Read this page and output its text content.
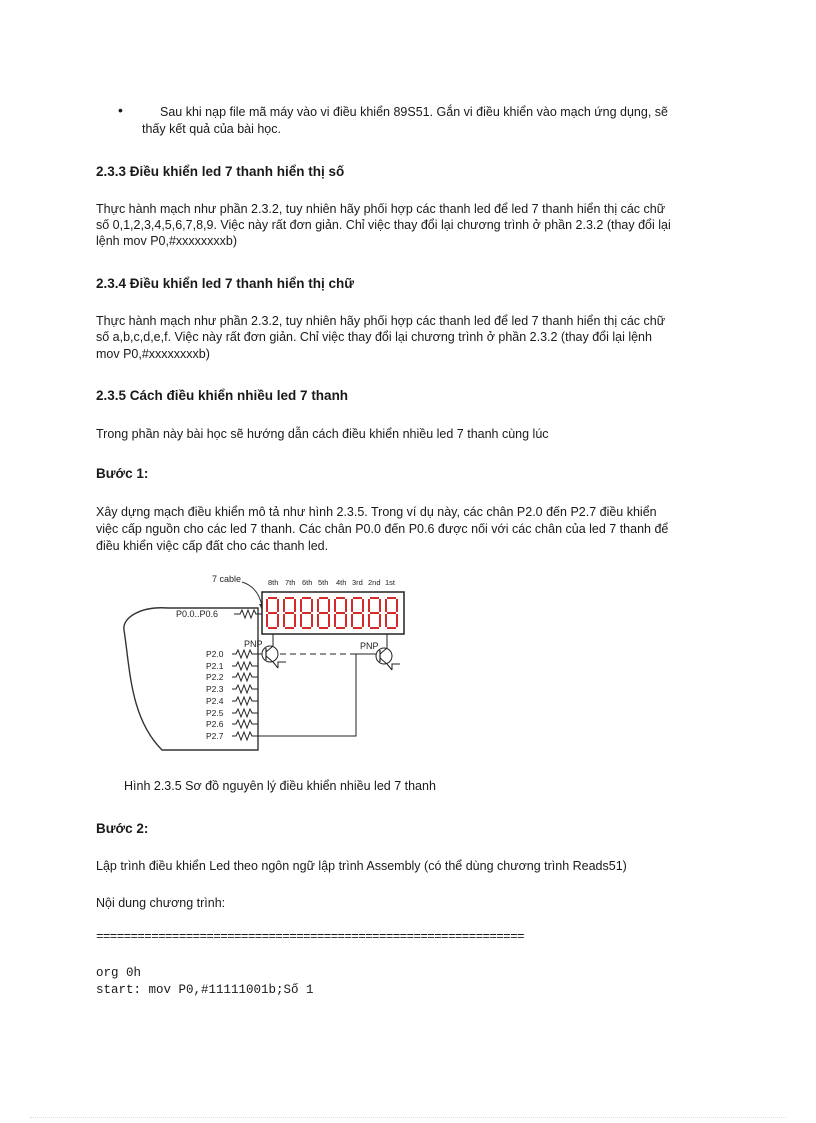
•	Sau khi nạp file mã máy vào vi điều khiển 89S51. Gắn vi điều khiển vào mạch ứng dụng, sẽ
thấy kết quả của bài học.
2.3.3 Điều khiển led 7 thanh hiển thị số
Thực hành mạch như phần 2.3.2, tuy nhiên hãy phối hợp các thanh led để led 7 thanh hiển thị các chữ
số 0,1,2,3,4,5,6,7,8,9. Việc này rất đơn giản. Chỉ việc thay đổi lại chương trình ở phần 2.3.2 (thay đổi lại
lệnh mov P0,#xxxxxxxxb)
2.3.4 Điều khiển led 7 thanh hiển thị chữ
Thực hành mạch như phần 2.3.2, tuy nhiên hãy phối hợp các thanh led để led 7 thanh hiển thị các chữ
số a,b,c,d,e,f. Việc này rất đơn giản. Chỉ việc thay đổi lại chương trình ở phần 2.3.2 (thay đổi lại lệnh
mov P0,#xxxxxxxxb)
2.3.5 Cách điều khiển nhiều led 7 thanh
Trong phần này bài học sẽ hướng dẫn cách điều khiển nhiều led 7 thanh cùng lúc
Bước 1:
Xây dựng mạch điều khiển mô tả như hình 2.3.5. Trong ví dụ này, các chân P2.0 đến P2.7 điều khiển
việc cấp nguồn cho các led 7 thanh. Các chân P0.0 đến P0.6 được nối với các chân của led 7 thanh để
điều khiển việc cấp đất cho các thanh led.
7 cable	8th 7th 6th 5th 4th 3rd 2nd 1st
P0.0..P0.6
PNP	PNP
P2.0
P2.1
P2.2
P2.3
P2.4
P2.5
P2.6
P2.7
Hình 2.3.5 Sơ đồ nguyên lý điều khiển nhiều led 7 thanh
Bước 2:
Lập trình điều khiển Led theo ngôn ngữ lập trình Assembly (có thể dùng chương trình Reads51)
Nội dung chương trình:
==============================================================
org 0h
start: mov P0,#11111001b;Số 1
